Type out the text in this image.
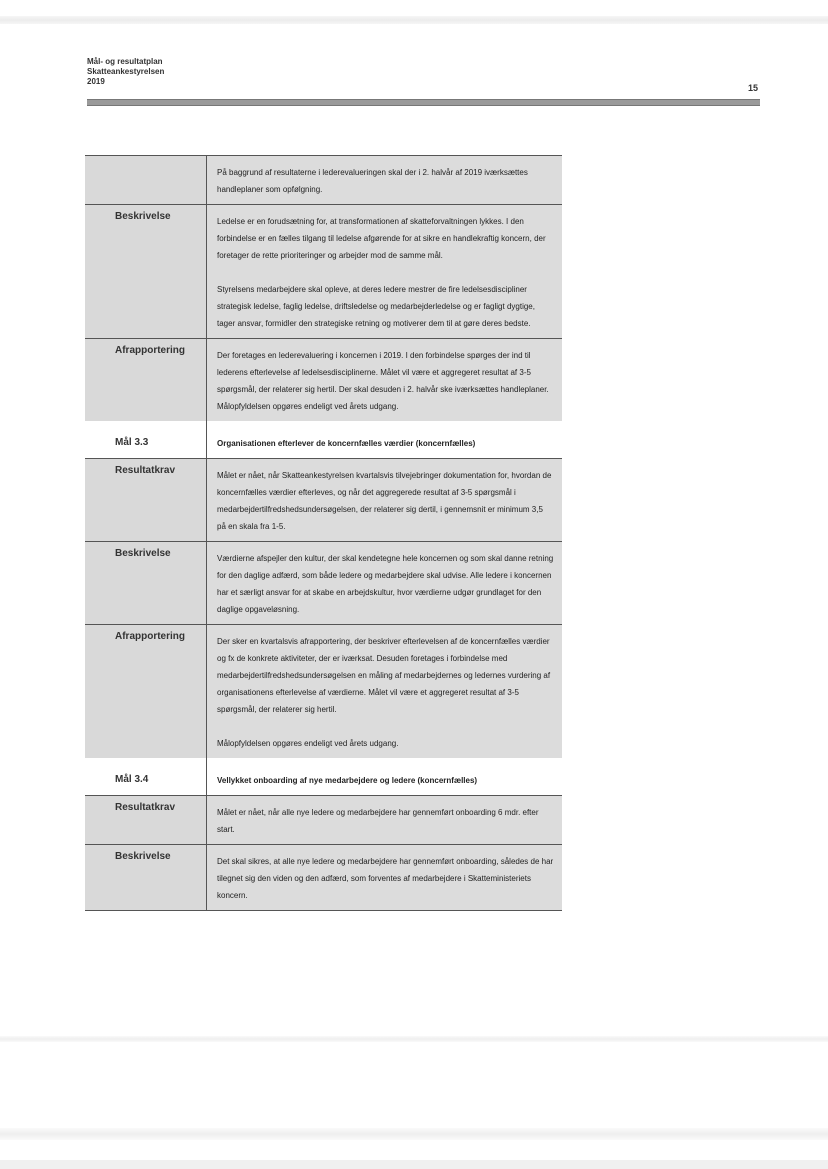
Mål- og resultatplan
Skatteankestyrelsen
2019
15
På baggrund af resultaterne i lederevalueringen skal der i 2. halvår af 2019 iværksættes handleplaner som opfølgning.
Beskrivelse	Ledelse er en forudsætning for, at transformationen af skatteforvaltningen lykkes. I den forbindelse er en fælles tilgang til ledelse afgørende for at sikre en handlekraftig koncern, der foretager de rette prioriteringer og arbejder mod de samme mål.
Styrelsens medarbejdere skal opleve, at deres ledere mestrer de fire ledelsesdiscipliner strategisk ledelse, faglig ledelse, driftsledelse og medarbejderledelse og er fagligt dygtige, tager ansvar, formidler den strategiske retning og motiverer dem til at gøre deres bedste.
Afrapportering	Der foretages en lederevaluering i koncernen i 2019. I den forbindelse spørges der ind til lederens efterlevelse af ledelsesdisciplinerne. Målet vil være et aggregeret resultat af 3-5 spørgsmål, der relaterer sig hertil. Der skal desuden i 2. halvår ske iværksættes handleplaner.
Målopfyldelsen opgøres endeligt ved årets udgang.
Mål 3.3	Organisationen efterlever de koncernfælles værdier (koncernfælles)
Resultatkrav	Målet er nået, når Skatteankestyrelsen kvartalsvis tilvejebringer dokumentation for, hvordan de koncernfælles værdier efterleves, og når det aggregerede resultat af 3-5 spørgsmål i medarbejdertilfredshedsundersøgelsen, der relaterer sig dertil, i gennemsnit er minimum 3,5 på en skala fra 1-5.
Beskrivelse	Værdierne afspejler den kultur, der skal kendetegne hele koncernen og som skal danne retning for den daglige adfærd, som både ledere og medarbejdere skal udvise. Alle ledere i koncernen har et særligt ansvar for at skabe en arbejdskultur, hvor værdierne udgør grundlaget for den daglige opgaveløsning.
Afrapportering	Der sker en kvartalsvis afrapportering, der beskriver efterlevelsen af de koncernfælles værdier og fx de konkrete aktiviteter, der er iværksat. Desuden foretages i forbindelse med medarbejdertilfredshedsundersøgelsen en måling af medarbejdernes og ledernes vurdering af organisationens efterlevelse af værdierne. Målet vil være et aggregeret resultat af 3-5 spørgsmål, der relaterer sig hertil.
Målopfyldelsen opgøres endeligt ved årets udgang.
Mål 3.4	Vellykket onboarding af nye medarbejdere og ledere (koncernfælles)
Resultatkrav	Målet er nået, når alle nye ledere og medarbejdere har gennemført onboarding 6 mdr. efter start.
Beskrivelse	Det skal sikres, at alle nye ledere og medarbejdere har gennemført onboarding, således de har tilegnet sig den viden og den adfærd, som forventes af medarbejdere i Skatteministeriets koncern.
